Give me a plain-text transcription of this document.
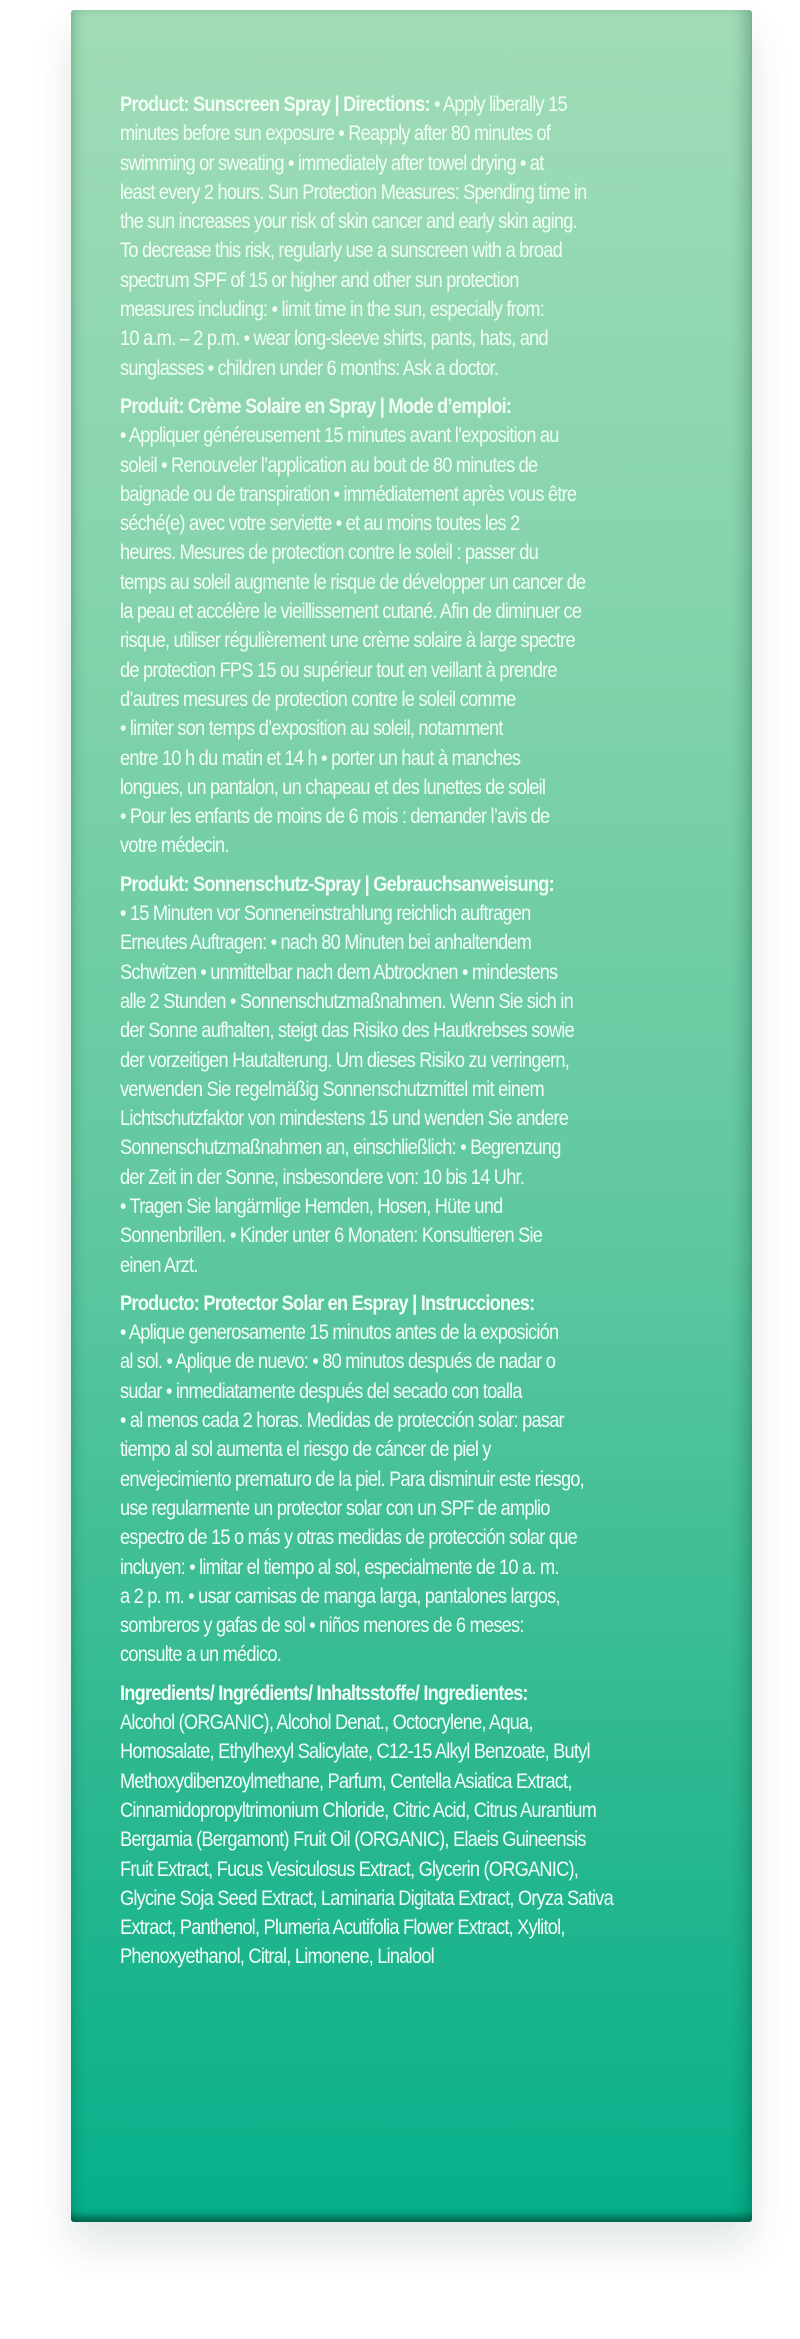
Product: Sunscreen Spray | Directions: • Apply liberally 15

minutes before sun exposure • Reapply after 80 minutes of

swimming or sweating • immediately after towel drying • at

least every 2 hours. Sun Protection Measures: Spending time in

the sun increases your risk of skin cancer and early skin aging.

To decrease this risk, regularly use a sunscreen with a broad

spectrum SPF of 15 or higher and other sun protection

measures including: • limit time in the sun, especially from:

10 a.m. – 2 p.m. • wear long-sleeve shirts, pants, hats, and

sunglasses • children under 6 months: Ask a doctor.

Produit: Crème Solaire en Spray | Mode d’emploi:

• Appliquer généreusement 15 minutes avant l’exposition au

soleil • Renouveler l’application au bout de 80 minutes de

baignade ou de transpiration • immédiatement après vous être

séché(e) avec votre serviette • et au moins toutes les 2

heures. Mesures de protection contre le soleil : passer du

temps au soleil augmente le risque de développer un cancer de

la peau et accélère le vieillissement cutané. Afin de diminuer ce

risque, utiliser régulièrement une crème solaire à large spectre

de protection FPS 15 ou supérieur tout en veillant à prendre

d’autres mesures de protection contre le soleil comme

• limiter son temps d’exposition au soleil, notamment

entre 10 h du matin et 14 h • porter un haut à manches

longues, un pantalon, un chapeau et des lunettes de soleil

• Pour les enfants de moins de 6 mois : demander l’avis de

votre médecin.

Produkt: Sonnenschutz-Spray | Gebrauchsanweisung:

• 15 Minuten vor Sonneneinstrahlung reichlich auftragen

Erneutes Auftragen: • nach 80 Minuten bei anhaltendem

Schwitzen • unmittelbar nach dem Abtrocknen • mindestens

alle 2 Stunden • Sonnenschutzmaßnahmen. Wenn Sie sich in

der Sonne aufhalten, steigt das Risiko des Hautkrebses sowie

der vorzeitigen Hautalterung. Um dieses Risiko zu verringern,

verwenden Sie regelmäßig Sonnenschutzmittel mit einem

Lichtschutzfaktor von mindestens 15 und wenden Sie andere

Sonnenschutzmaßnahmen an, einschließlich: • Begrenzung

der Zeit in der Sonne, insbesondere von: 10 bis 14 Uhr.

• Tragen Sie langärmlige Hemden, Hosen, Hüte und

Sonnenbrillen. • Kinder unter 6 Monaten: Konsultieren Sie

einen Arzt.

Producto: Protector Solar en Espray | Instrucciones:

• Aplique generosamente 15 minutos antes de la exposición

al sol. • Aplique de nuevo: • 80 minutos después de nadar o

sudar • inmediatamente después del secado con toalla

• al menos cada 2 horas. Medidas de protección solar: pasar

tiempo al sol aumenta el riesgo de cáncer de piel y

envejecimiento prematuro de la piel. Para disminuir este riesgo,

use regularmente un protector solar con un SPF de amplio

espectro de 15 o más y otras medidas de protección solar que

incluyen: • limitar el tiempo al sol, especialmente de 10 a. m.

a 2 p. m. • usar camisas de manga larga, pantalones largos,

sombreros y gafas de sol • niños menores de 6 meses:

consulte a un médico.

Ingredients/ Ingrédients/ Inhaltsstoffe/ Ingredientes:

Alcohol (ORGANIC), Alcohol Denat., Octocrylene, Aqua,

Homosalate, Ethylhexyl Salicylate, C12-15 Alkyl Benzoate, Butyl

Methoxydibenzoylmethane, Parfum, Centella Asiatica Extract,

Cinnamidopropyltrimonium Chloride, Citric Acid, Citrus Aurantium

Bergamia (Bergamont) Fruit Oil (ORGANIC), Elaeis Guineensis

Fruit Extract, Fucus Vesiculosus Extract, Glycerin (ORGANIC),

Glycine Soja Seed Extract, Laminaria Digitata Extract, Oryza Sativa

Extract, Panthenol, Plumeria Acutifolia Flower Extract, Xylitol,

Phenoxyethanol, Citral, Limonene, Linalool
